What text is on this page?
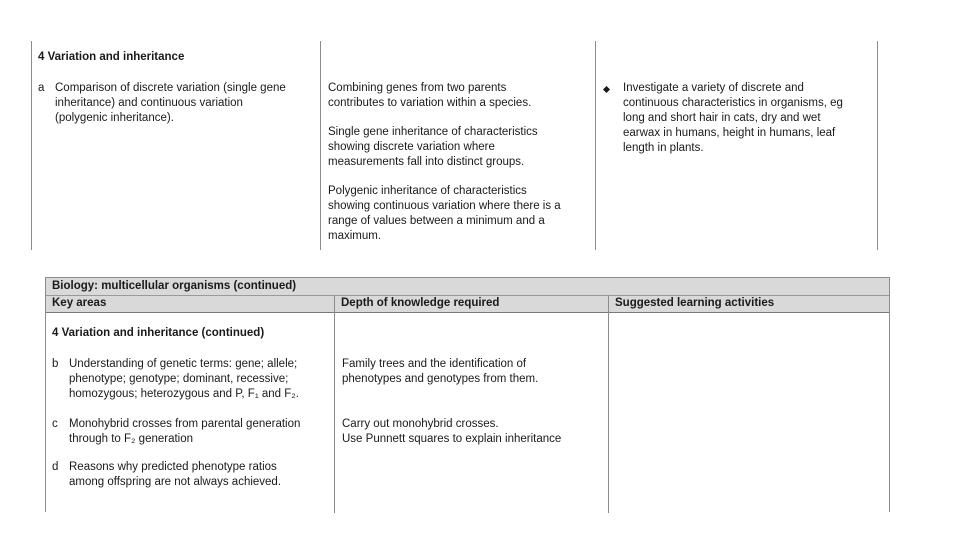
4 Variation and inheritance
a Comparison of discrete variation (single gene
inheritance) and continuous variation
(polygenic inheritance).
Combining genes from two parents
contributes to variation within a species.
Single gene inheritance of characteristics
showing discrete variation where
measurements fall into distinct groups.
Polygenic inheritance of characteristics
showing continuous variation where there is a
range of values between a minimum and a
maximum.
Investigate a variety of discrete and
continuous characteristics in organisms, eg
long and short hair in cats, dry and wet
earwax in humans, height in humans, leaf
length in plants.
Biology: multicellular organisms (continued)
Key areas	Depth of knowledge required	Suggested learning activities
4 Variation and inheritance (continued)
b Understanding of genetic terms: gene; allele;
phenotype; genotype; dominant, recessive;
homozygous; heterozygous and P, F₁ and F₂.
Family trees and the identification of
phenotypes and genotypes from them.
c Monohybrid crosses from parental generation
through to F₂ generation
Carry out monohybrid crosses.
Use Punnett squares to explain inheritance
d Reasons why predicted phenotype ratios
among offspring are not always achieved.
